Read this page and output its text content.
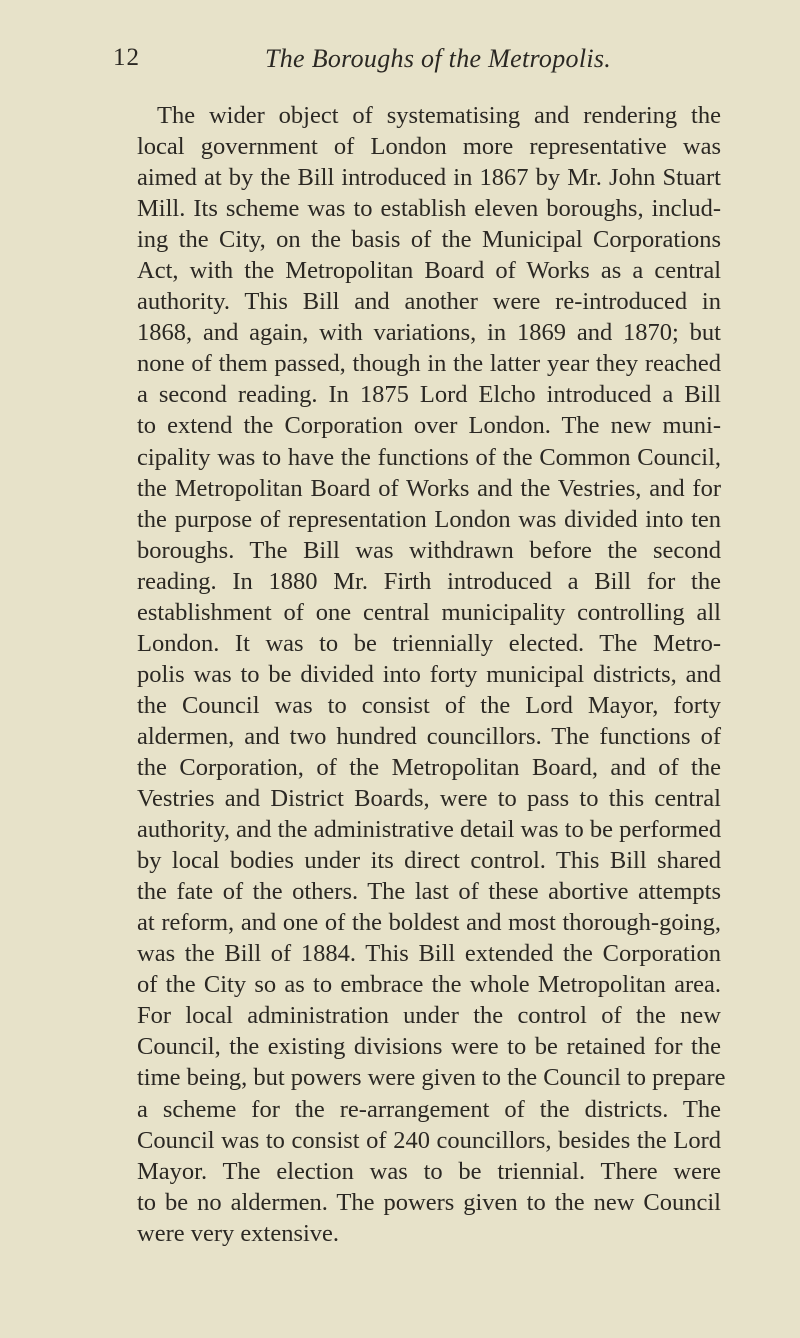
12	The Boroughs of the Metropolis.
The wider object of systematising and rendering the
local government of London more representative was
aimed at by the Bill introduced in 1867 by Mr. John Stuart
Mill. Its scheme was to establish eleven boroughs, includ-
ing the City, on the basis of the Municipal Corporations
Act, with the Metropolitan Board of Works as a central
authority. This Bill and another were re-introduced in
1868, and again, with variations, in 1869 and 1870; but
none of them passed, though in the latter year they reached
a second reading. In 1875 Lord Elcho introduced a Bill
to extend the Corporation over London. The new muni-
cipality was to have the functions of the Common Council,
the Metropolitan Board of Works and the Vestries, and for
the purpose of representation London was divided into ten
boroughs. The Bill was withdrawn before the second
reading. In 1880 Mr. Firth introduced a Bill for the
establishment of one central municipality controlling all
London. It was to be triennially elected. The Metro-
polis was to be divided into forty municipal districts, and
the Council was to consist of the Lord Mayor, forty
aldermen, and two hundred councillors. The functions of
the Corporation, of the Metropolitan Board, and of the
Vestries and District Boards, were to pass to this central
authority, and the administrative detail was to be performed
by local bodies under its direct control. This Bill shared
the fate of the others. The last of these abortive attempts
at reform, and one of the boldest and most thorough-going,
was the Bill of 1884. This Bill extended the Corporation
of the City so as to embrace the whole Metropolitan area.
For local administration under the control of the new
Council, the existing divisions were to be retained for the
time being, but powers were given to the Council to prepare
a scheme for the re-arrangement of the districts. The
Council was to consist of 240 councillors, besides the Lord
Mayor. The election was to be triennial. There were
to be no aldermen. The powers given to the new Council
were very extensive.
